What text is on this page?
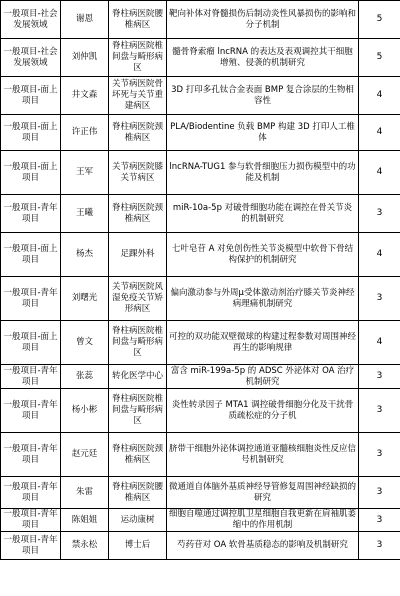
一般项目-社会发展领域	谢恩	脊柱病医院腰椎病区	靶向补体对脊髓损伤后制动炎性风暴损伤的影响和分子机制	5
一般项目-社会发展领域	刘仲凯	脊柱病医院椎间盘与畸形病区	髓骨脊索瘤 lncRNA 的表达及表观调控其干细胞增殖、侵袭的机制研究	5
一般项目-面上项目	井文森	关节病医院骨坏死与关节重建病区	3D 打印多孔钛合金表面 BMP 复合涂层的生物相容性	4
一般项目-面上项目	许正伟	脊柱病医院颈椎病区	PLA/Biodentine 负载 BMP 构建 3D 打印人工椎体	4
一般项目-面上项目	王军	关节病医院膝关节病区	lncRNA-TUG1 参与软骨细胞压力损伤模型中的功能及机制	4
一般项目-青年项目	王曦	脊柱病医院颈椎病区	miR-10a-5p 对破骨细胞功能在调控在骨关节炎的机制研究	3
一般项目-面上项目	杨杰	足踝外科	七叶皂苷 A 对免创伤性关节炎模型中软骨下骨结构保护的机制研究	4
一般项目-青年项目	刘曙光	关节病医院风湿免疫关节矫形病区	偏向激动参与外周μ受体激动剂治疗膝关节炎神经病理痛机制研究	3
一般项目-面上项目	曾文	脊柱病医院椎间盘与畸形病区	可控的双功能双壁微球的构建过程参数对周围神经再生的影响规律	4
一般项目-青年项目	张蕊	转化医学中心	富含 miR-199a-5p 的 ADSC 外泌体对 OA 治疗机制研究	3
一般项目-青年项目	杨小彬	脊柱病医院椎间盘与畸形病区	炎性转录因子 MTA1 调控破骨细胞分化及干扰骨质疏松症的分子机	3
一般项目-青年项目	赵元廷	脊柱病医院颈椎病区	脐带干细胞外泌体调控通道亚髓核细胞炎性反应信号机制研究	3
一般项目-青年项目	朱雷	脊柱病医院腰椎病区	微通道自体脑外基质神经导管修复周围神经缺损的研究	3
一般项目-青年项目	陈姐姐	运动康树	细胞自噬通过调控肌卫星细胞自我更新在肩袖肌萎缩中的作用机制	3
一般项目-青年项目	禁永松	博士后	芍药苷对 OA 软骨基质稳态的影响及机制研究	3
